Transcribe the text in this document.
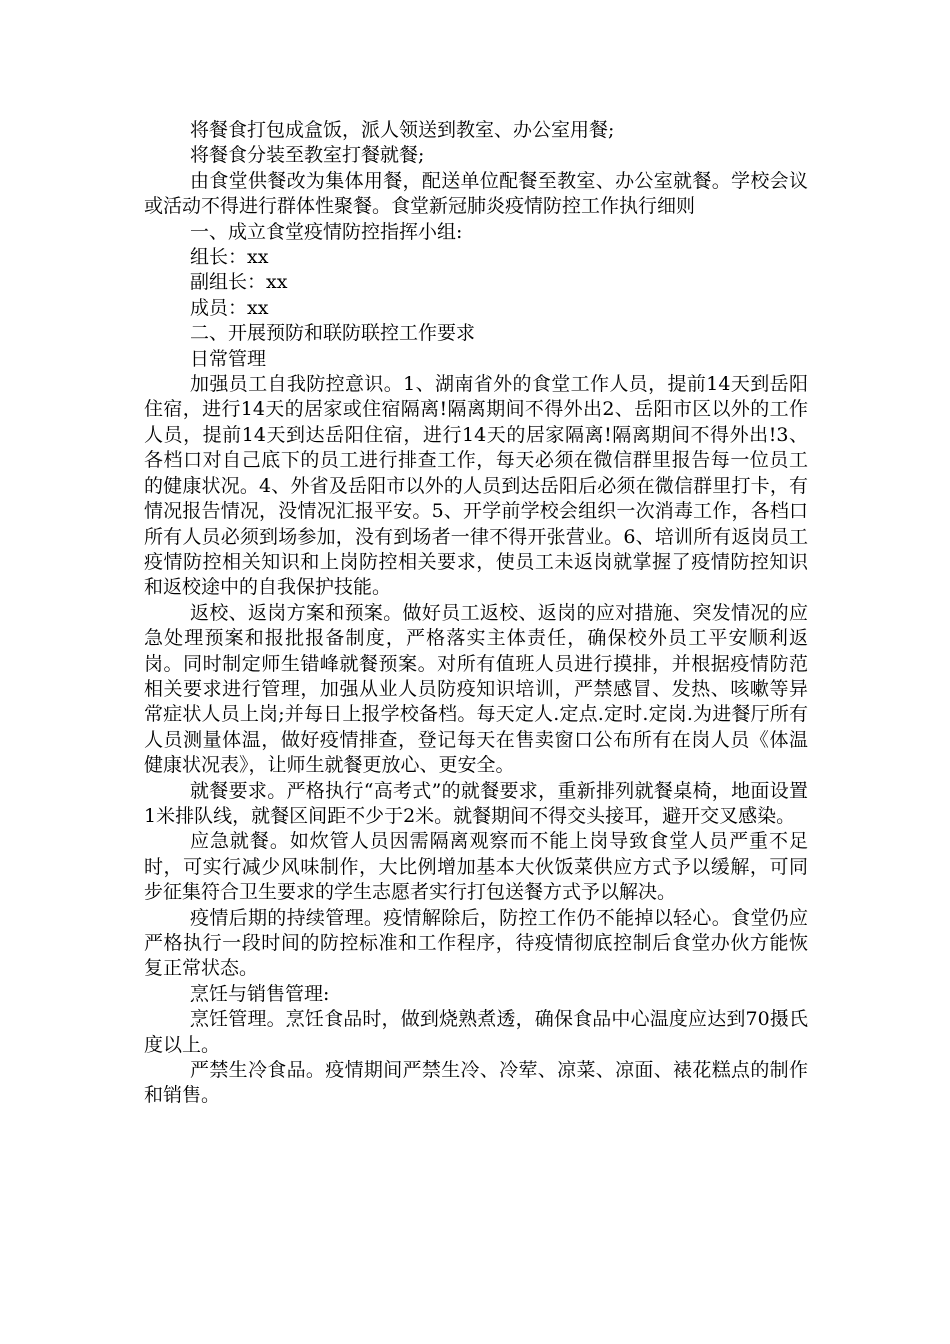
将餐食打包成盒饭，派人领送到教室、办公室用餐;

将餐食分装至教室打餐就餐;

由食堂供餐改为集体用餐，配送单位配餐至教室、办公室就餐。学校会议或活动不得进行群体性聚餐。食堂新冠肺炎疫情防控工作执行细则

一、成立食堂疫情防控指挥小组:

组长：xx

副组长：xx

成员：xx

二、开展预防和联防联控工作要求

日常管理

加强员工自我防控意识。1、湖南省外的食堂工作人员，提前14天到岳阳住宿，进行14天的居家或住宿隔离!隔离期间不得外出2、岳阳市区以外的工作人员，提前14天到达岳阳住宿，进行14天的居家隔离!隔离期间不得外出!3、各档口对自己底下的员工进行排查工作，每天必须在微信群里报告每一位员工的健康状况。4、外省及岳阳市以外的人员到达岳阳后必须在微信群里打卡，有情况报告情况，没情况汇报平安。5、开学前学校会组织一次消毒工作，各档口所有人员必须到场参加，没有到场者一律不得开张营业。6、培训所有返岗员工疫情防控相关知识和上岗防控相关要求，使员工未返岗就掌握了疫情防控知识和返校途中的自我保护技能。

返校、返岗方案和预案。做好员工返校、返岗的应对措施、突发情况的应急处理预案和报批报备制度，严格落实主体责任，确保校外员工平安顺利返岗。同时制定师生错峰就餐预案。对所有值班人员进行摸排，并根据疫情防范相关要求进行管理，加强从业人员防疫知识培训，严禁感冒、发热、咳嗽等异常症状人员上岗;并每日上报学校备档。每天定人.定点.定时.定岗.为进餐厅所有人员测量体温，做好疫情排查，登记每天在售卖窗口公布所有在岗人员《体温健康状况表》，让师生就餐更放心、更安全。

就餐要求。严格执行“高考式”的就餐要求，重新排列就餐桌椅，地面设置1米排队线，就餐区间距不少于2米。就餐期间不得交头接耳，避开交叉感染。

应急就餐。如炊管人员因需隔离观察而不能上岗导致食堂人员严重不足时，可实行减少风味制作，大比例增加基本大伙饭菜供应方式予以缓解，可同步征集符合卫生要求的学生志愿者实行打包送餐方式予以解决。

疫情后期的持续管理。疫情解除后，防控工作仍不能掉以轻心。食堂仍应严格执行一段时间的防控标准和工作程序，待疫情彻底控制后食堂办伙方能恢复正常状态。

烹饪与销售管理:

烹饪管理。烹饪食品时，做到烧熟煮透，确保食品中心温度应达到70摄氏度以上。

严禁生冷食品。疫情期间严禁生冷、冷荤、凉菜、凉面、裱花糕点的制作和销售。
